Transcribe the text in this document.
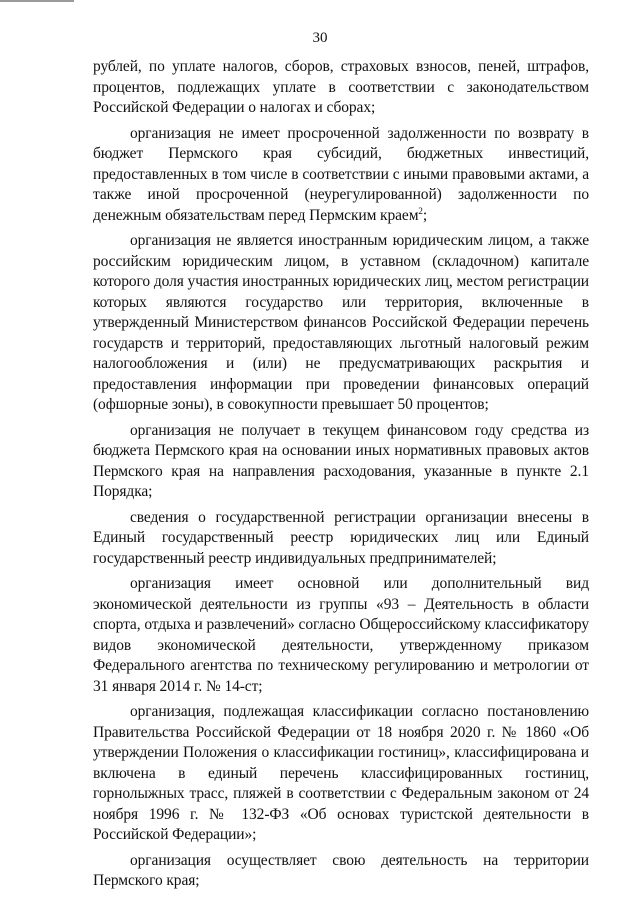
30

рублей, по уплате налогов, сборов, страховых взносов, пеней, штрафов, процентов, подлежащих уплате в соответствии с законодательством Российской Федерации о налогах и сборах;

организация не имеет просроченной задолженности по возврату в бюджет Пермского края субсидий, бюджетных инвестиций, предоставленных в том числе в соответствии с иными правовыми актами, а также иной просроченной (неурегулированной) задолженности по денежным обязательствам перед Пермским краем$^2$;

организация не является иностранным юридическим лицом, а также российским юридическим лицом, в уставном (складочном) капитале которого доля участия иностранных юридических лиц, местом регистрации которых являются государство или территория, включенные в утвержденный Министерством финансов Российской Федерации перечень государств и территорий, предоставляющих льготный налоговый режим налогообложения и (или) не предусматривающих раскрытия и предоставления информации при проведении финансовых операций (офшорные зоны), в совокупности превышает 50 процентов;

организация не получает в текущем финансовом году средства из бюджета Пермского края на основании иных нормативных правовых актов Пермского края на направления расходования, указанные в пункте 2.1 Порядка;

сведения о государственной регистрации организации внесены в Единый государственный реестр юридических лиц или Единый государственный реестр индивидуальных предпринимателей;

организация имеет основной или дополнительный вид экономической деятельности из группы «93 – Деятельность в области спорта, отдыха и развлечений» согласно Общероссийскому классификатору видов экономической деятельности, утвержденному приказом Федерального агентства по техническому регулированию и метрологии от 31 января 2014 г. № 14-ст;

организация, подлежащая классификации согласно постановлению Правительства Российской Федерации от 18 ноября 2020 г. № 1860 «Об утверждении Положения о классификации гостиниц», классифицирована и включена в единый перечень классифицированных гостиниц, горнолыжных трасс, пляжей в соответствии с Федеральным законом от 24 ноября 1996 г. № 132-ФЗ «Об основах туристской деятельности в Российской Федерации»;

организация осуществляет свою деятельность на территории Пермского края;
